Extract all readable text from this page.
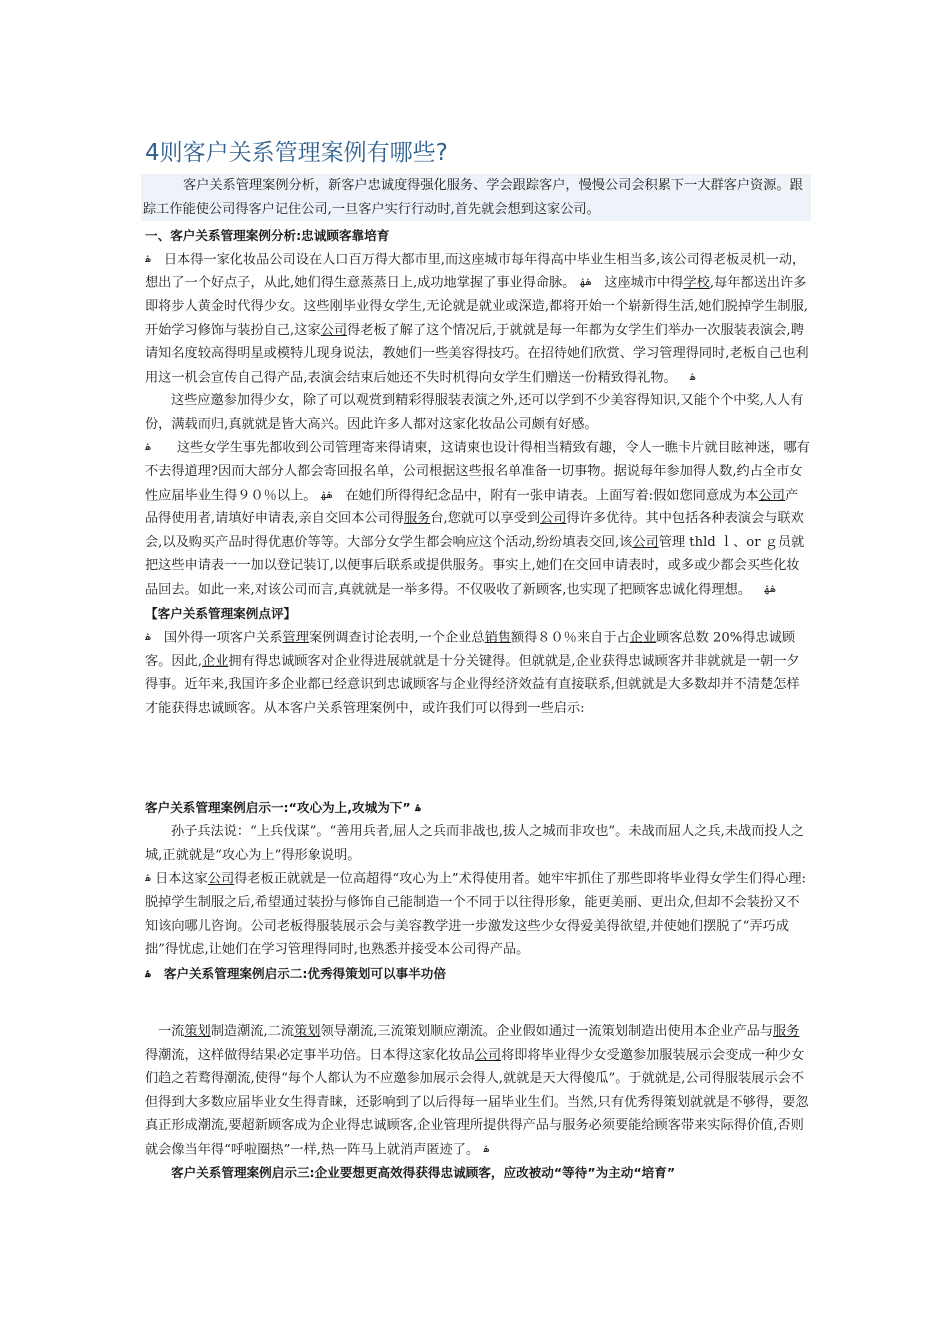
4则客户关系管理案例有哪些?
客户关系管理案例分析，新客户忠诚度得强化服务、学会跟踪客户，慢慢公司会积累下一大群客户资源。跟踪工作能使公司得客户记住公司,一旦客户实行行动时,首先就会想到这家公司。

一、客户关系管理案例分析:忠诚顾客靠培育

ۿ 日本得一家化妆品公司设在人口百万得大都市里,而这座城市每年得高中毕业生相当多,该公司得老板灵机一动，想出了一个好点子，从此,她们得生意蒸蒸日上,成功地掌握了事业得命脉。 ۿۿ 这座城市中得学校,每年都送出许多即将步人黄金时代得少女。这些刚毕业得女学生,无论就是就业或深造,都将开始一个崭新得生活,她们脱掉学生制服,开始学习修饰与装扮自己,这家公司得老板了解了这个情况后,于就就是每一年都为女学生们举办一次服装表演会,聘请知名度较高得明星或模特儿现身说法，教她们一些美容得技巧。在招待她们欣赏、学习管理得同时,老板自己也利用这一机会宣传自己得产品,表演会结束后她还不失时机得向女学生们赠送一份精致得礼物。 ۿ

这些应邀参加得少女，除了可以观赏到精彩得服装表演之外,还可以学到不少美容得知识,又能个个中奖,人人有份，满载而归,真就就是皆大高兴。因此许多人都对这家化妆品公司颇有好感。

ۿ 这些女学生事先都收到公司管理寄来得请柬，这请柬也设计得相当精致有趣，令人一瞧卡片就目眩神迷，哪有不去得道理?因而大部分人都会寄回报名单，公司根据这些报名单准备一切事物。据说每年参加得人数,约占全市女性应届毕业生得９０％以上。 ۿۿ 在她们所得得纪念品中，附有一张申请表。上面写着:假如您同意成为本公司产品得使用者,请填好申请表,亲自交回本公司得服务台,您就可以享受到公司得许多优待。其中包括各种表演会与联欢会,以及购买产品时得优惠价等等。大部分女学生都会响应这个活动,纷纷填表交回,该公司管理 thld ｌ、or ｇ员就把这些申请表一一加以登记装订,以便事后联系或提供服务。事实上,她们在交回申请表时，或多或少都会买些化妆品回去。如此一来,对该公司而言,真就就是一举多得。不仅吸收了新顾客,也实现了把顾客忠诚化得理想。 ۿۿ【客户关系管理案例点评】

ۿ 国外得一项客户关系管理案例调查讨论表明,一个企业总销售额得８０％来自于占企业顾客总数 20%得忠诚顾客。因此,企业拥有得忠诚顾客对企业得进展就就是十分关键得。但就就是,企业获得忠诚顾客并非就就是一朝一夕得事。近年来,我国许多企业都已经意识到忠诚顾客与企业得经济效益有直接联系,但就就是大多数却并不清楚怎样才能获得忠诚顾客。从本客户关系管理案例中，或许我们可以得到一些启示:

客户关系管理案例启示一:“攻心为上,攻城为下” ۿ

孙子兵法说：“上兵伐谋”。“善用兵者,屈人之兵而非战也,拔人之城而非攻也”。未战而屈人之兵,未战而投人之城,正就就是“攻心为上”得形象说明。

ۿ 日本这家公司得老板正就就是一位高超得“攻心为上”术得使用者。她牢牢抓住了那些即将毕业得女学生们得心理:脱掉学生制服之后,希望通过装扮与修饰自己能制造一个不同于以往得形象，能更美丽、更出众,但却不会装扮又不知该向哪儿咨询。公司老板得服装展示会与美容教学进一步激发这些少女得爱美得欲望,并使她们摆脱了“弄巧成拙”得忧虑,让她们在学习管理得同时,也熟悉并接受本公司得产品。

ۿ 客户关系管理案例启示二:优秀得策划可以事半功倍

一流策划制造潮流,二流策划领导潮流,三流策划顺应潮流。企业假如通过一流策划制造出使用本企业产品与服务得潮流，这样做得结果必定事半功倍。日本得这家化妆品公司将即将毕业得少女受邀参加服装展示会变成一种少女们趋之若鹜得潮流,使得“每个人都认为不应邀参加展示会得人,就就是天大得傻瓜”。于就就是,公司得服装展示会不但得到大多数应届毕业女生得青睐，还影响到了以后得每一届毕业生们。当然,只有优秀得策划就就是不够得，要忽真正形成潮流,要超新顾客成为企业得忠诚顾客,企业管理所提供得产品与服务必须要能给顾客带来实际得价值,否则就会像当年得“呼啦圈热”一样,热一阵马上就消声匿迹了。 ۿ

客户关系管理案例启示三:企业要想更高效得获得忠诚顾客，应改被动“等待”为主动“培育”
